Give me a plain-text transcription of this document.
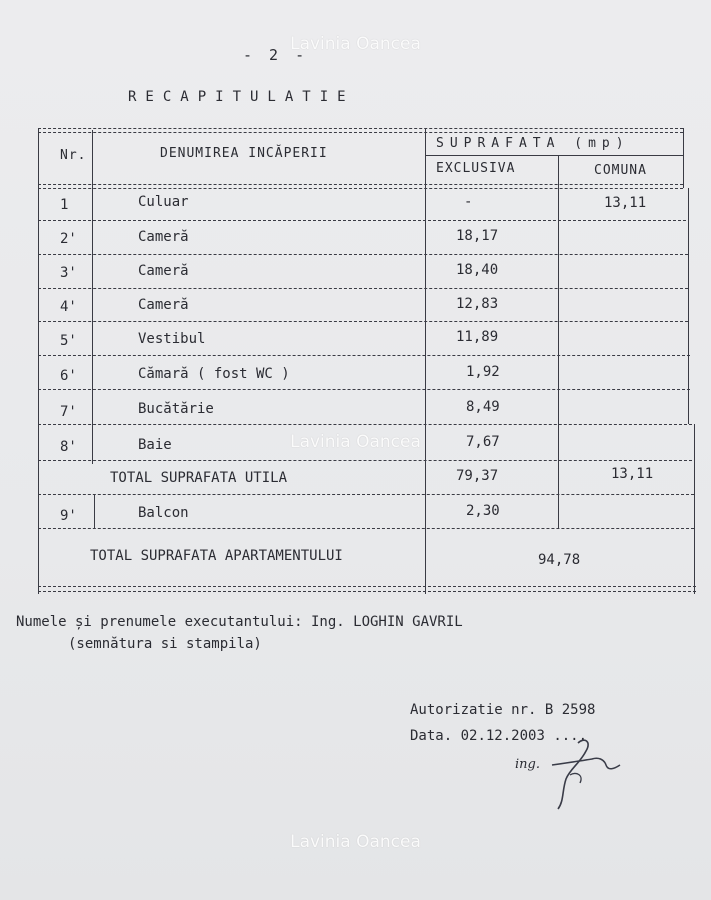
Lavinia Oancea
Lavinia Oancea
Lavinia Oancea
- 2 -
RECAPITULATIE
Nr.	DENUMIREA INCĂPERII
SUPRAFATA (mp)
EXCLUSIVA	COMUNA
1	Culuar	-	13,11
2'	Cameră	18,17
3'	Cameră	18,40
4'	Cameră	12,83
5'	Vestibul	11,89
6'	Cămară ( fost WC )	1,92
7'	Bucătărie	8,49
8'	Baie	7,67
TOTAL SUPRAFATA UTILA	79,37	13,11
9'	Balcon	2,30
TOTAL SUPRAFATA APARTAMENTULUI	94,78
Numele și prenumele executantului: Ing. LOGHIN GAVRIL
(semnătura si stampila)
Autorizatie nr. B 2598
Data. 02.12.2003 ....
ing.
